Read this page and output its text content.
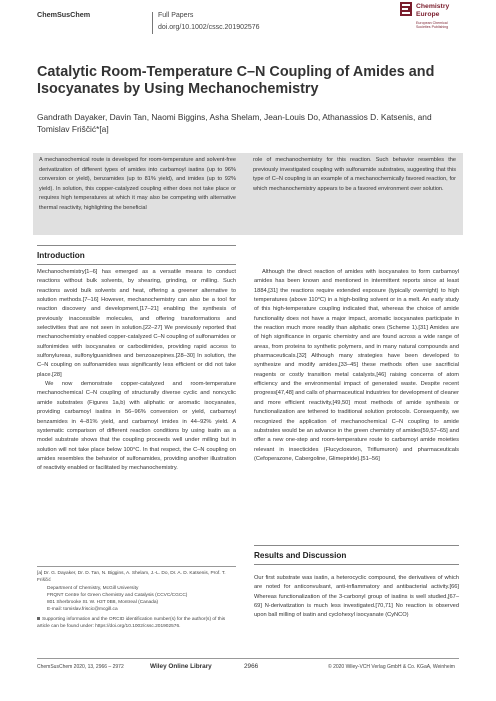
ChemSusChem	Full Papers
doi.org/10.1002/cssc.201902576
Chemistry
Europe
European Chemical
Societies Publishing
Catalytic Room-Temperature C–N Coupling of Amides and Isocyanates by Using Mechanochemistry
Gandrath Dayaker, Davin Tan, Naomi Biggins, Asha Shelam, Jean-Louis Do, Athanassios D. Katsenis, and Tomislav Friščić*[a]
A mechanochemical route is developed for room-temperature and solvent-free derivatization of different types of amides into carbamoyl isatins (up to 96% conversion or yield), benzamides (up to 81% yield), and imides (up to 92% yield). In solution, this copper-catalyzed coupling either does not take place or requires high temperatures at which it may also be competing with alternative thermal reactivity, highlighting the beneficial
role of mechanochemistry for this reaction. Such behavior resembles the previously investigated coupling with sulfonamide substrates, suggesting that this type of C–N coupling is an example of a mechanochemically favored reaction, for which mechanochemistry appears to be a favored environment over solution.
Introduction

Mechanochemistry[1–6] has emerged as a versatile means to conduct reactions without bulk solvents, by shearing, grinding, or milling. Such reactions avoid bulk solvents and heat, offering a greener alternative to solution methods.[7–16] However, mechanochemistry can also be a tool for reaction discovery and development,[17–21] enabling the synthesis of previously inaccessible molecules, and offering transformations and selectivities that are not seen in solution.[22–27] We previously reported that mechanochemistry enabled copper-catalyzed C–N coupling of sulfonamides or sulfonimides with isocyanates or carbodiimides, providing rapid access to sulfonylureas, sulfonylguanidines and benzoazepines.[28–30] In solution, the C–N coupling on sulfonamides was significantly less efficient or did not take place.[28]

We now demonstrate copper-catalyzed and room-temperature mechanochemical C–N coupling of structurally diverse cyclic and noncyclic amide substrates (Figures 1a,b) with aliphatic or aromatic isocyanates, providing carbamoyl isatins in 56–96% conversion or yield, carbamoyl benzamides in 4–81% yield, and carbamoyl imides in 44–92% yield. A systematic comparison of different reaction conditions by using isatin as a model substrate shows that the coupling proceeds well under milling but in solution will not take place below 100°C. In that respect, the C–N coupling on amides resembles the behavior of sulfonamides, providing another illustration of reactivity enabled or facilitated by mechanochemistry.

[a] Dr. G. Dayaker, Dr. D. Tan, N. Biggins, A. Shelam, J.-L. Do, Dr. A. D. Katsenis, Prof. T. Friščić
Department of Chemistry, McGill University
FRQNT Centre for Green Chemistry and Catalysis (CCVC/CGCC)
801 Sherbrooke St. W. H3T 0B8, Montreal (Canada)
E-mail: tomislav.friscic@mcgill.ca
Supporting information and the ORCID identification number(s) for the author(s) of this article can be found under: https://doi.org/10.1002/cssc.201902576.

Although the direct reaction of amides with isocyanates to form carbamoyl amides has been known and mentioned in intermittent reports since at least 1884,[31] the reactions require extended exposure (typically overnight) to high temperatures (above 110°C) in a high-boiling solvent or in a melt. An early study of this high-temperature coupling indicated that, whereas the choice of amide functionality does not have a major impact, aromatic isocyanates participate in the reaction much more readily than aliphatic ones (Scheme 1).[31] Amides are of high significance in organic chemistry and are found across a wide range of areas, from proteins to synthetic polymers, and in many natural compounds and pharmaceuticals.[32] Although many strategies have been developed to synthesize and modify amides,[33–45] these methods often use sacrificial reagents or costly transition metal catalysts,[46] raising concerns of atom efficiency and the environmental impact of generated waste. Despite recent progress[47,48] and calls of pharmaceutical industries for development of cleaner and more efficient reactivity,[49,50] most methods of amide synthesis or functionalization are tethered to traditional solution protocols. Consequently, we recognized the application of mechanochemical C–N coupling to amide substrates would be an advance in the green chemistry of amides[59,57–65] and offer a new one-step and room-temperature route to carbamoyl amide moieties relevant in insecticides (Flucycloxuron, Triflumuron) and pharmaceuticals (Cefoperazone, Cabergoline, Glimepiride).[51–56]

Results and Discussion
Our first substrate was isatin, a heterocyclic compound, the derivatives of which are noted for anticonvulsant, anti-inflammatory and antibacterial activity.[66] Whereas functionalization of the 3-carbonyl group of isatins is well studied,[67–69] N-derivatization is much less investigated.[70,71] No reaction is observed upon ball milling of isatin and cyclohexyl isocyanate (CyNCO)
ChemSusChem 2020, 13, 2966 – 2972	Wiley Online Library	2966	© 2020 Wiley-VCH Verlag GmbH & Co. KGaA, Weinheim
